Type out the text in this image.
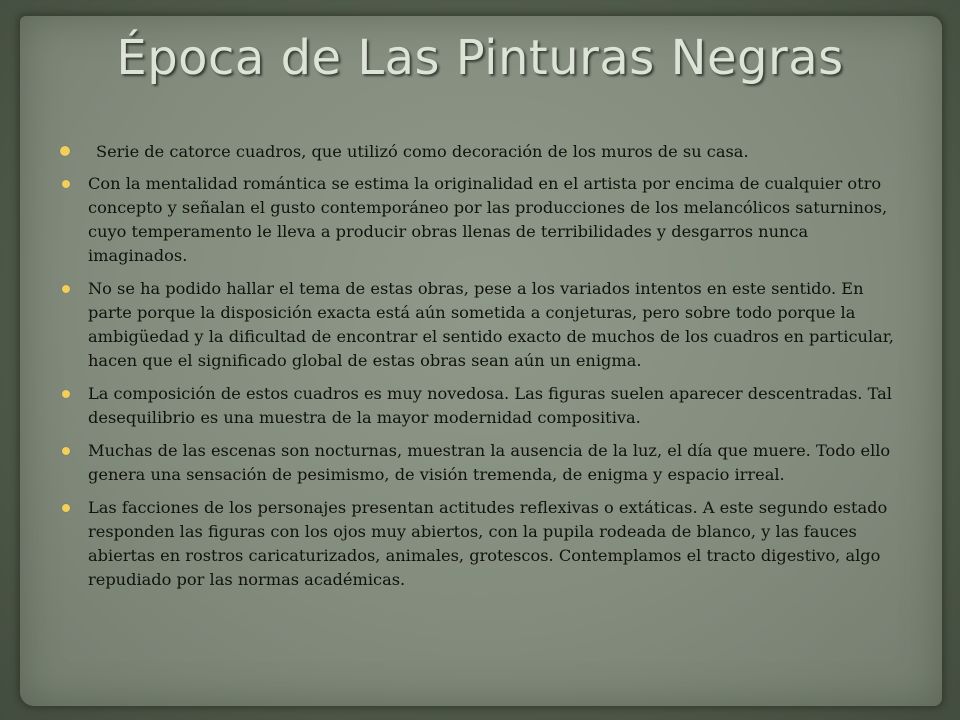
Época de Las Pinturas Negras
Serie de catorce cuadros, que utilizó como decoración de los muros de su casa.
Con la mentalidad romántica se estima la originalidad en el artista por encima de cualquier otro concepto y señalan el gusto contemporáneo por las producciones de los melancólicos saturninos, cuyo temperamento le lleva a producir obras llenas de terribilidades y desgarros nunca imaginados.
No se ha podido hallar el tema de estas obras, pese a los variados intentos en este sentido. En parte porque la disposición exacta está aún sometida a conjeturas, pero sobre todo porque la ambigüedad y la dificultad de encontrar el sentido exacto de muchos de los cuadros en particular, hacen que el significado global de estas obras sean aún un enigma.
La composición de estos cuadros es muy novedosa. Las figuras suelen aparecer descentradas. Tal desequilibrio es una muestra de la mayor modernidad compositiva.
Muchas de las escenas son nocturnas, muestran la ausencia de la luz, el día que muere. Todo ello genera una sensación de pesimismo, de visión tremenda, de enigma y espacio irreal.
Las facciones de los personajes presentan actitudes reflexivas o extáticas. A este segundo estado responden las figuras con los ojos muy abiertos, con la pupila rodeada de blanco, y las fauces abiertas en rostros caricaturizados, animales, grotescos. Contemplamos el tracto digestivo, algo repudiado por las normas académicas.
